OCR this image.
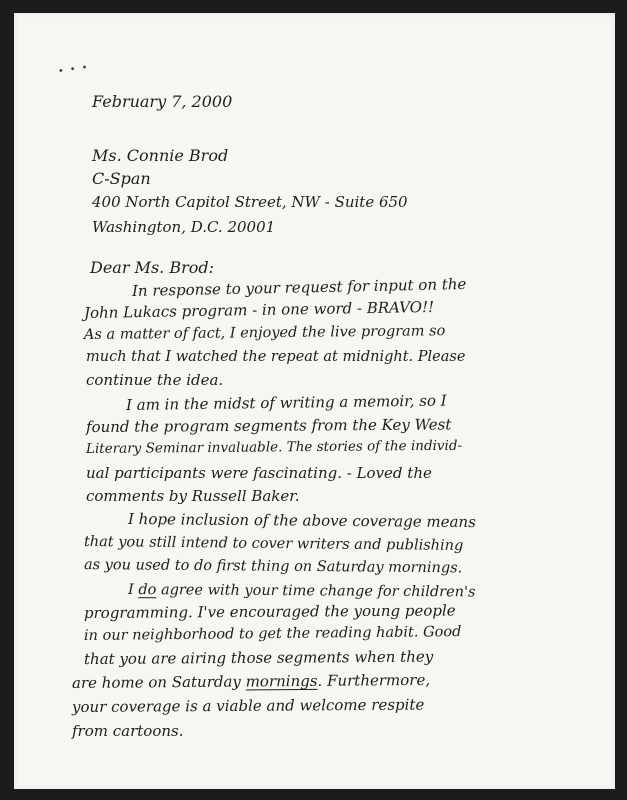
•••
February 7, 2000
Ms. Connie Brod
C-Span
400 North Capitol Street, NW - Suite 650
Washington, D.C. 20001
Dear Ms. Brod:
In response to your request for input on the
John Lukacs program - in one word - BRAVO!!
As a matter of fact, I enjoyed the live program so
much that I watched the repeat at midnight. Please
continue the idea.
I am in the midst of writing a memoir, so I
found the program segments from the Key West
Literary Seminar invaluable. The stories of the individ-
ual participants were fascinating. - Loved the
comments by Russell Baker.
I hope inclusion of the above coverage means
that you still intend to cover writers and publishing
as you used to do first thing on Saturday mornings.
I do agree with your time change for children's
programming. I've encouraged the young people
in our neighborhood to get the reading habit. Good
that you are airing those segments when they
are home on Saturday mornings. Furthermore,
your coverage is a viable and welcome respite
from cartoons.
